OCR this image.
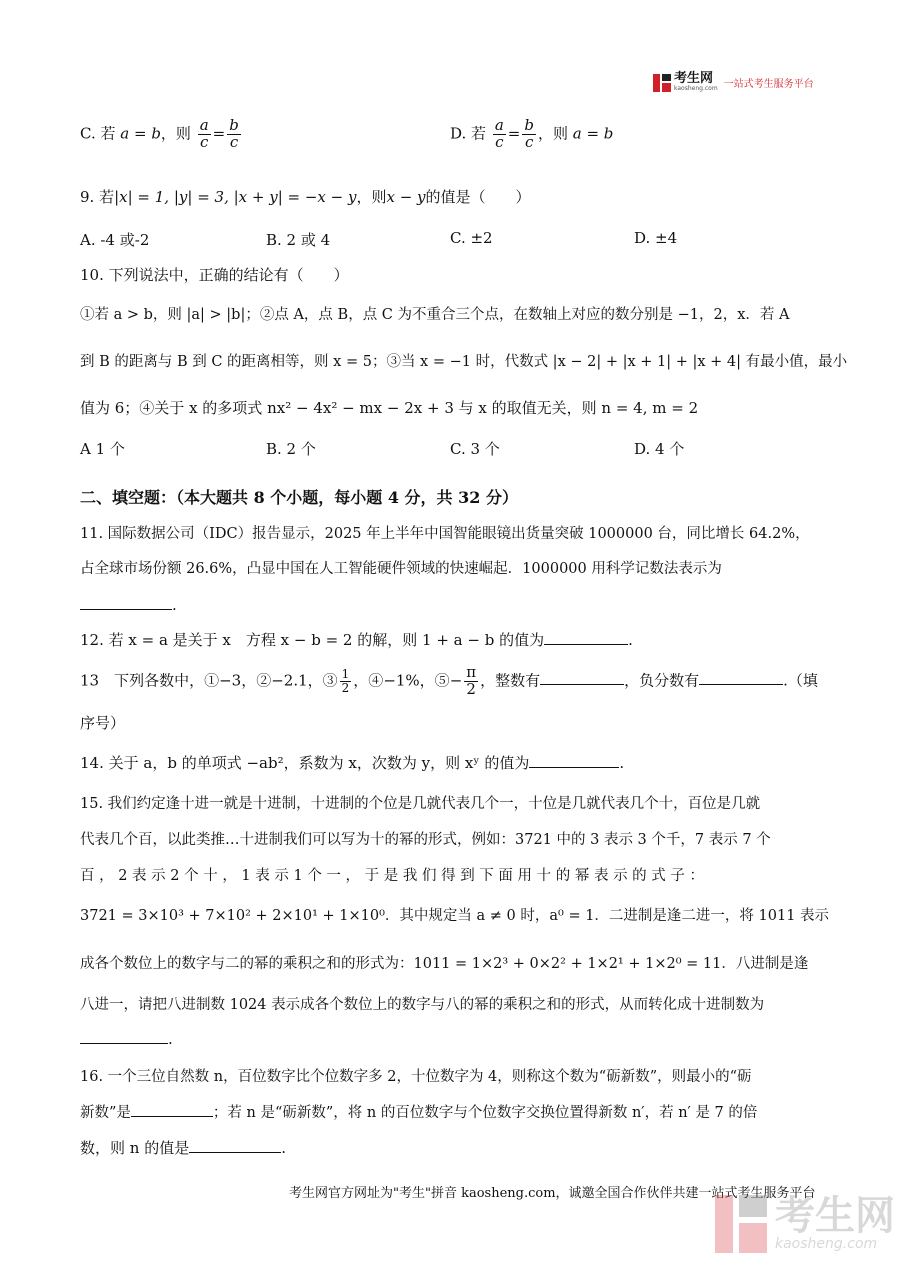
考生网
kaosheng.com 一站式考生服务平台
C. 若 a = b，则 $\frac{a}{c} = \frac{b}{c}$	D. 若 $\frac{a}{c} = \frac{b}{c}$ ，则 a = b
9. 若|x| = 1, |y| = 3, |x + y| = −x − y，则x − y的值是（　　）
A. -4 或-2	B. 2 或 4	C. ±2	D. ±4
10. 下列说法中，正确的结论有（　　）
①若 a > b，则 |a| > |b|；②点 A，点 B，点 C 为不重合三个点，在数轴上对应的数分别是 −1，2，x．若 A
到 B 的距离与 B 到 C 的距离相等，则 x = 5；③当 x = −1 时，代数式 |x − 2| + |x + 1| + |x + 4| 有最小值，最小
值为 6；④关于 x 的多项式 nx² − 4x² − mx − 2x + 3 与 x 的取值无关，则 n = 4, m = 2
A 1 个	B. 2 个	C. 3 个	D. 4 个
二、填空题：（本大题共 8 个小题，每小题 4 分，共 32 分）
11. 国际数据公司（IDC）报告显示，2025 年上半年中国智能眼镜出货量突破 1000000 台，同比增长 64.2%，
占全球市场份额 26.6%，凸显中国在人工智能硬件领域的快速崛起．1000000 用科学记数法表示为
.
12. 若 x = a 是关于 x　方程 x − b = 2 的解，则 1 + a − b 的值为	.
13　下列各数中，①−3，②−2.1，③ $\frac{1}{2}$ ，④−1%，⑤− $\frac{\pi}{2}$ ，整数有	，负分数有	.（填
序号）
14. 关于 a，b 的单项式 −ab²，系数为 x，次数为 y，则 xʸ 的值为	.
15. 我们约定逢十进一就是十进制，十进制的个位是几就代表几个一，十位是几就代表几个十，百位是几就
代表几个百，以此类推…十进制我们可以写为十的幂的形式，例如：3721 中的 3 表示 3 个千，7 表示 7 个
百 ， 2 表 示 2 个 十 ， 1 表 示 1 个 一 ， 于 是 我 们 得 到 下 面 用 十 的 幂 表 示 的 式 子 ：
3721 = 3×10³ + 7×10² + 2×10¹ + 1×10⁰．其中规定当 a ≠ 0 时，a⁰ = 1．二进制是逢二进一，将 1011 表示
成各个数位上的数字与二的幂的乘积之和的形式为：1011 = 1×2³ + 0×2² + 1×2¹ + 1×2⁰ = 11．八进制是逢
八进一，请把八进制数 1024 表示成各个数位上的数字与八的幂的乘积之和的形式，从而转化成十进制数为
.
16. 一个三位自然数 n，百位数字比个位数字多 2，十位数字为 4，则称这个数为“砺新数”，则最小的“砺
新数”是	；若 n 是“砺新数”，将 n 的百位数字与个位数字交换位置得新数 n′，若 n′ 是 7 的倍
数，则 n 的值是	.
考生网官方网址为"考生"拼音 kaosheng.com，诚邀全国合作伙伴共建一站式考生服务平台
考生网
kaosheng.com
